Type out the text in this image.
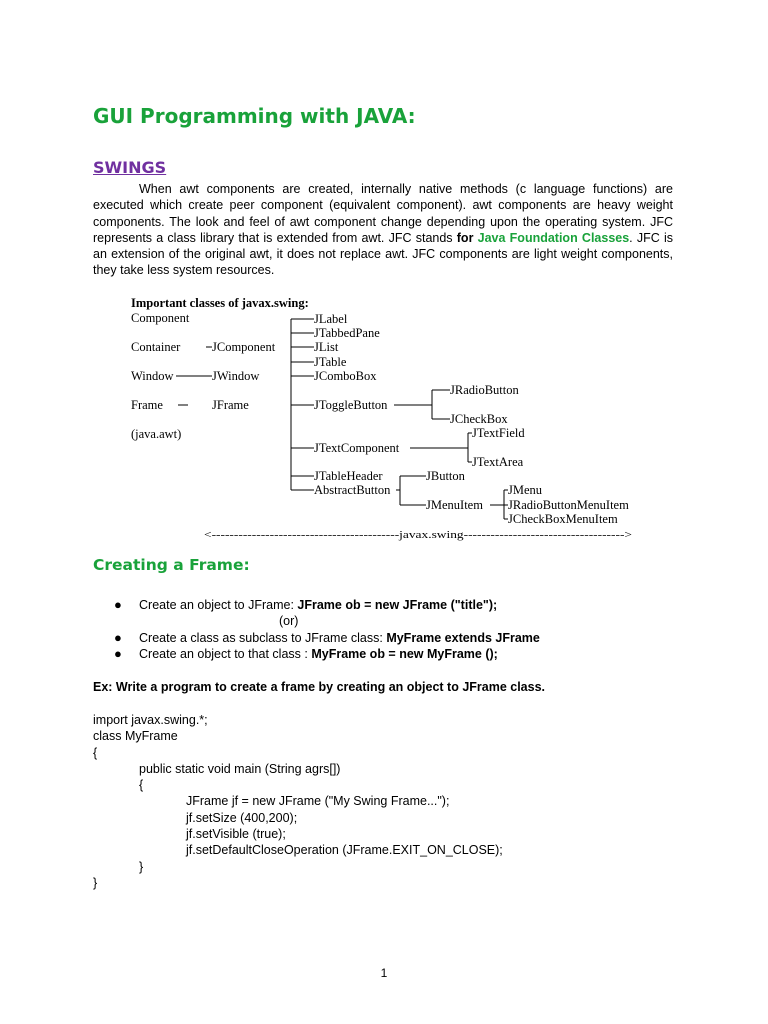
GUI Programming with JAVA:
SWINGS

When awt components are created, internally native methods (c language functions) are executed which create peer component (equivalent component). awt components are heavy weight components. The look and feel of awt component change depending upon the operating system. JFC represents a class library that is extended from awt. JFC stands for Java Foundation Classes. JFC is an extension of the original awt, it does not replace awt. JFC components are light weight components, they take less system resources.

Important classes of javax.swing:
Component
Container
Window
Frame
(java.awt)
JComponent
JWindow
JFrame
JLabel
JTabbedPane
JList
JTable
JComboBox
JToggleButton
JTextComponent
JTableHeader
AbstractButton
JRadioButton
JCheckBox
JTextField
JTextArea
JButton
JMenuItem
JMenu
JRadioButtonMenuItem
JCheckBoxMenuItem
<------------------------------------------javax.swing------------------------------------>
Creating a Frame:
● Create an object to JFrame: JFrame ob = new JFrame ("title");
(or)
● Create a class as subclass to JFrame class: MyFrame extends JFrame
● Create an object to that class : MyFrame ob = new MyFrame ();

Ex: Write a program to create a frame by creating an object to JFrame class.

import javax.swing.*;
class MyFrame
{
public static void main (String agrs[])
{
JFrame jf = new JFrame ("My Swing Frame...");
jf.setSize (400,200);
jf.setVisible (true);
jf.setDefaultCloseOperation (JFrame.EXIT_ON_CLOSE);
}
}

1
